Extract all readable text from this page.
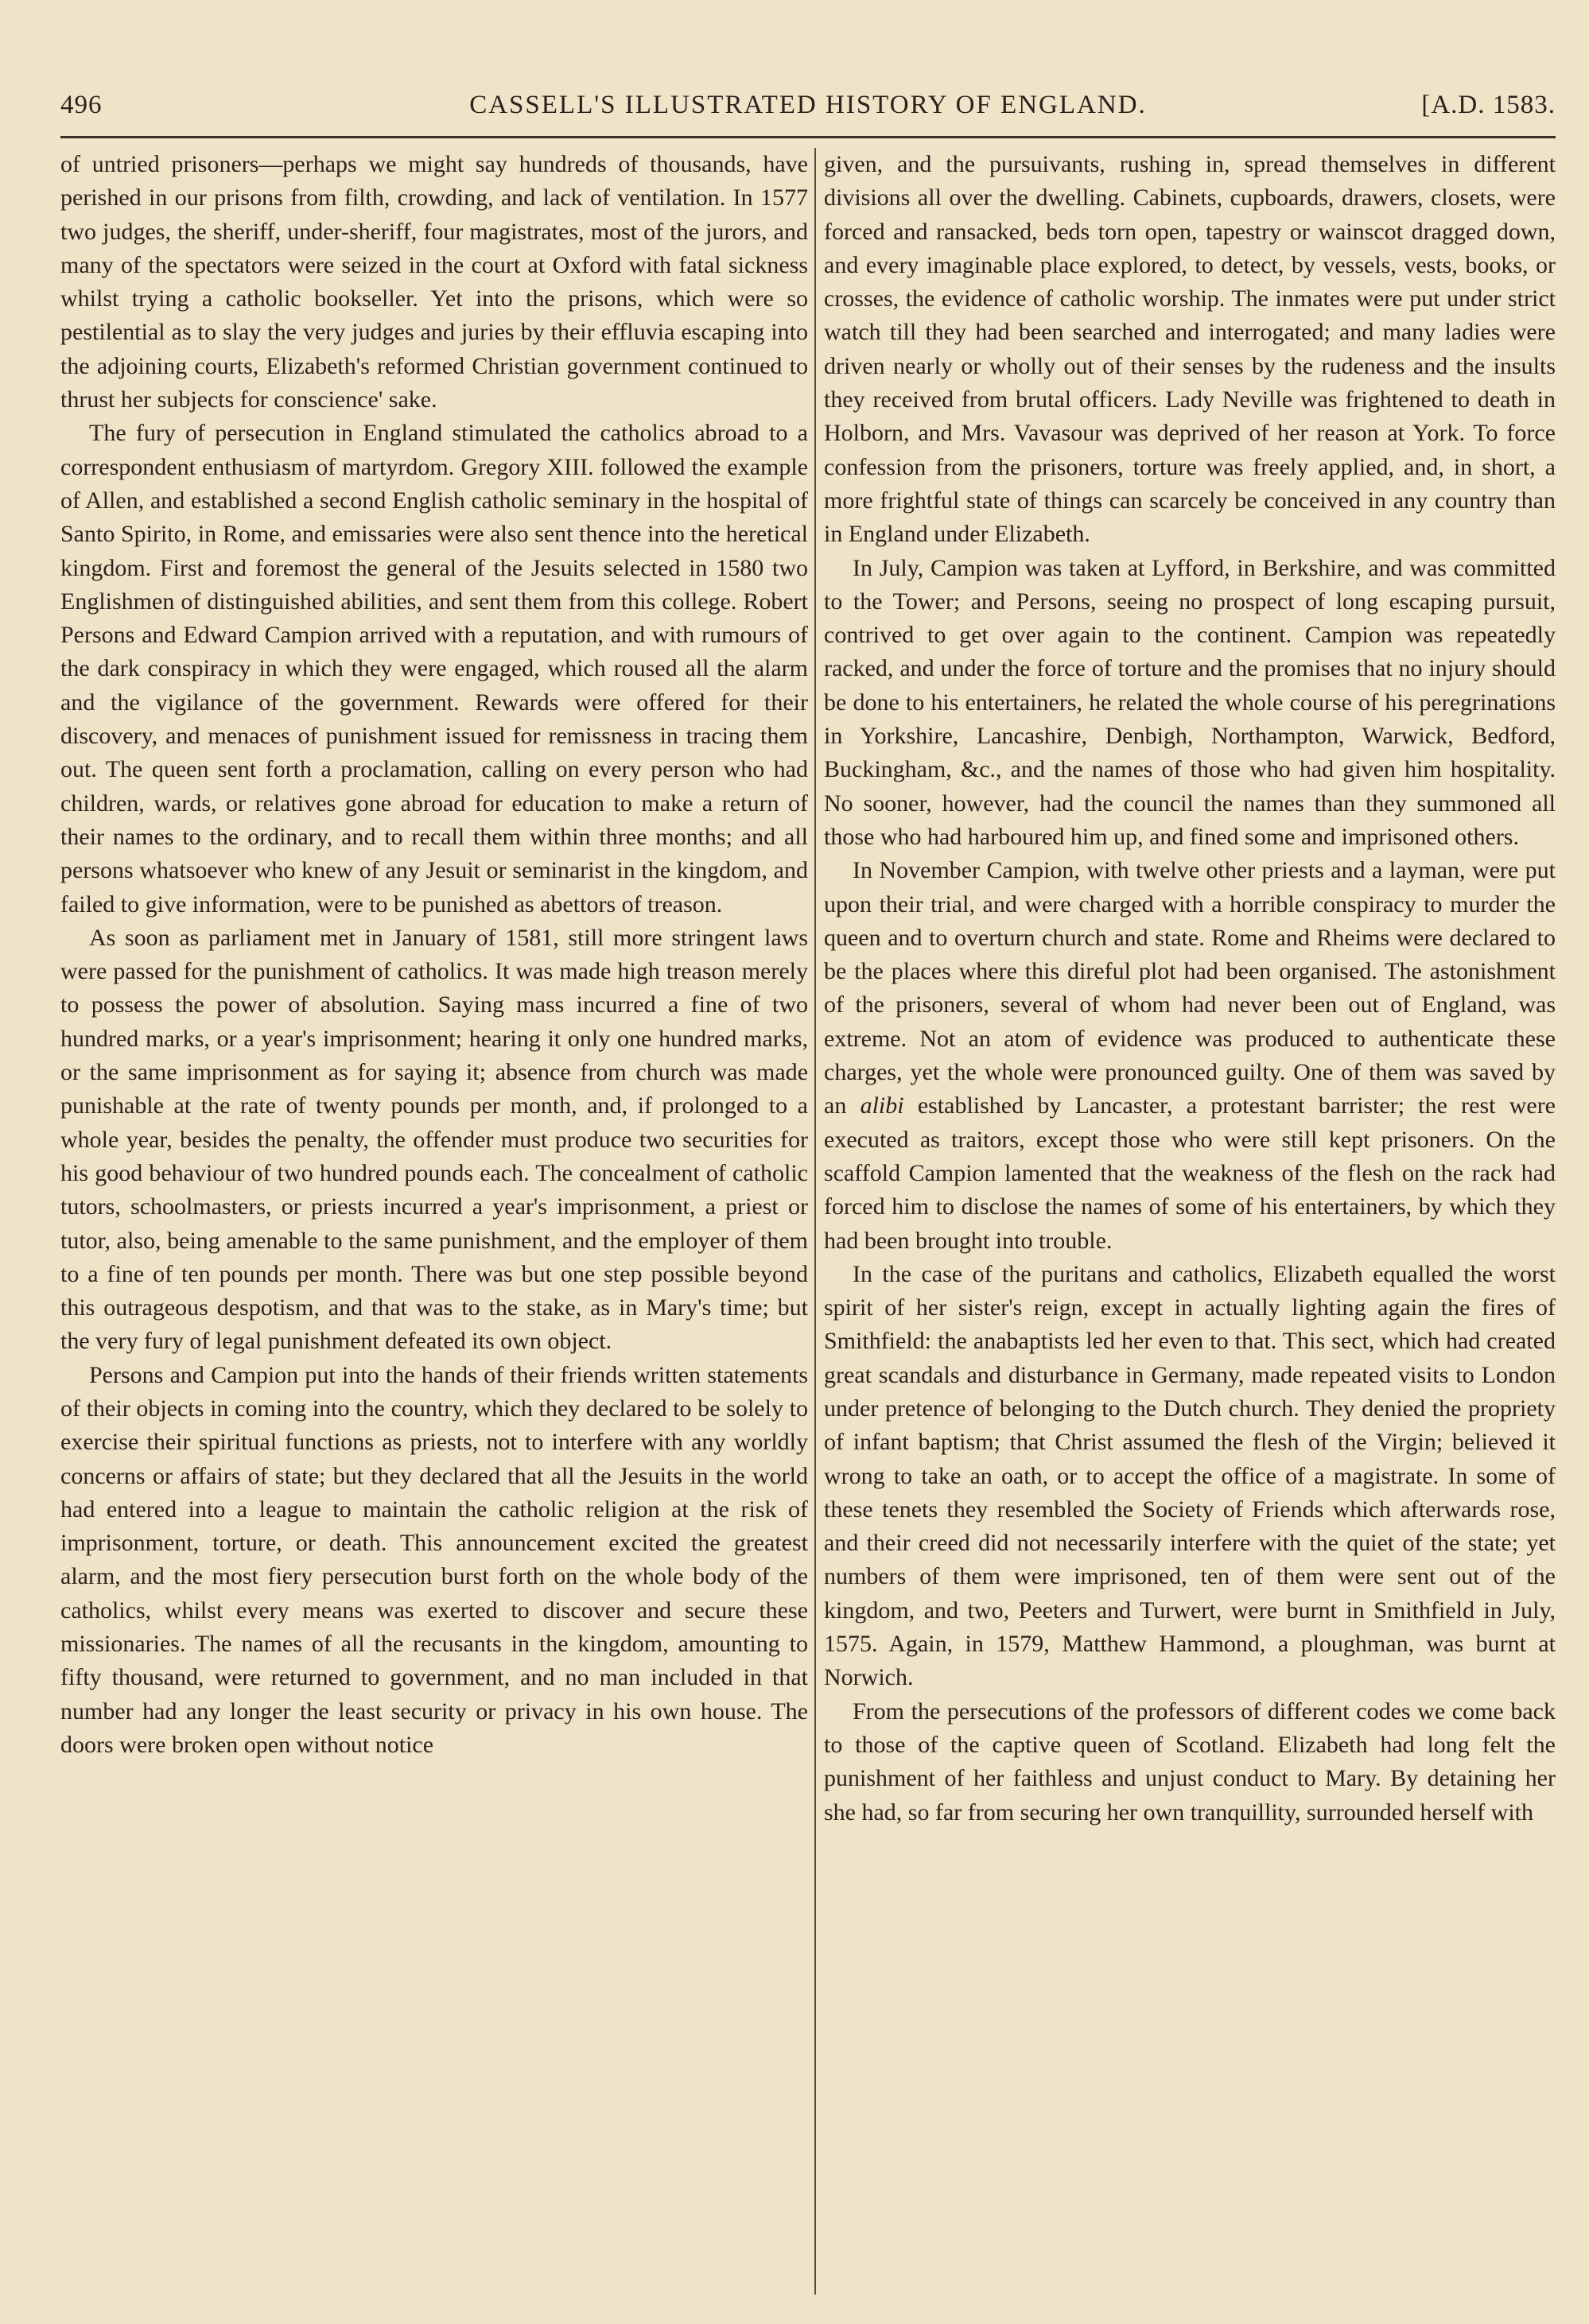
496	CASSELL'S ILLUSTRATED HISTORY OF ENGLAND.	[A.D. 1583.

of untried prisoners—perhaps we might say hundreds of thousands, have perished in our prisons from filth, crowding, and lack of ventilation. In 1577 two judges, the sheriff, under-sheriff, four magistrates, most of the jurors, and many of the spectators were seized in the court at Oxford with fatal sickness whilst trying a catholic bookseller. Yet into the prisons, which were so pestilential as to slay the very judges and juries by their effluvia escaping into the adjoining courts, Elizabeth's reformed Christian government continued to thrust her subjects for conscience' sake.

The fury of persecution in England stimulated the catholics abroad to a correspondent enthusiasm of martyrdom. Gregory XIII. followed the example of Allen, and established a second English catholic seminary in the hospital of Santo Spirito, in Rome, and emissaries were also sent thence into the heretical kingdom. First and foremost the general of the Jesuits selected in 1580 two Englishmen of distinguished abilities, and sent them from this college. Robert Persons and Edward Campion arrived with a reputation, and with rumours of the dark conspiracy in which they were engaged, which roused all the alarm and the vigilance of the government. Rewards were offered for their discovery, and menaces of punishment issued for remissness in tracing them out. The queen sent forth a proclamation, calling on every person who had children, wards, or relatives gone abroad for education to make a return of their names to the ordinary, and to recall them within three months; and all persons whatsoever who knew of any Jesuit or seminarist in the kingdom, and failed to give information, were to be punished as abettors of treason.

As soon as parliament met in January of 1581, still more stringent laws were passed for the punishment of catholics. It was made high treason merely to possess the power of absolution. Saying mass incurred a fine of two hundred marks, or a year's imprisonment; hearing it only one hundred marks, or the same imprisonment as for saying it; absence from church was made punishable at the rate of twenty pounds per month, and, if prolonged to a whole year, besides the penalty, the offender must produce two securities for his good behaviour of two hundred pounds each. The concealment of catholic tutors, schoolmasters, or priests incurred a year's imprisonment, a priest or tutor, also, being amenable to the same punishment, and the employer of them to a fine of ten pounds per month. There was but one step possible beyond this outrageous despotism, and that was to the stake, as in Mary's time; but the very fury of legal punishment defeated its own object.

Persons and Campion put into the hands of their friends written statements of their objects in coming into the country, which they declared to be solely to exercise their spiritual functions as priests, not to interfere with any worldly concerns or affairs of state; but they declared that all the Jesuits in the world had entered into a league to maintain the catholic religion at the risk of imprisonment, torture, or death. This announcement excited the greatest alarm, and the most fiery persecution burst forth on the whole body of the catholics, whilst every means was exerted to discover and secure these missionaries. The names of all the recusants in the kingdom, amounting to fifty thousand, were returned to government, and no man included in that number had any longer the least security or privacy in his own house. The doors were broken open without notice

given, and the pursuivants, rushing in, spread themselves in different divisions all over the dwelling. Cabinets, cupboards, drawers, closets, were forced and ransacked, beds torn open, tapestry or wainscot dragged down, and every imaginable place explored, to detect, by vessels, vests, books, or crosses, the evidence of catholic worship. The inmates were put under strict watch till they had been searched and interrogated; and many ladies were driven nearly or wholly out of their senses by the rudeness and the insults they received from brutal officers. Lady Neville was frightened to death in Holborn, and Mrs. Vavasour was deprived of her reason at York. To force confession from the prisoners, torture was freely applied, and, in short, a more frightful state of things can scarcely be conceived in any country than in England under Elizabeth.

In July, Campion was taken at Lyfford, in Berkshire, and was committed to the Tower; and Persons, seeing no prospect of long escaping pursuit, contrived to get over again to the continent. Campion was repeatedly racked, and under the force of torture and the promises that no injury should be done to his entertainers, he related the whole course of his peregrinations in Yorkshire, Lancashire, Denbigh, Northampton, Warwick, Bedford, Buckingham, &c., and the names of those who had given him hospitality. No sooner, however, had the council the names than they summoned all those who had harboured him up, and fined some and imprisoned others.

In November Campion, with twelve other priests and a layman, were put upon their trial, and were charged with a horrible conspiracy to murder the queen and to overturn church and state. Rome and Rheims were declared to be the places where this direful plot had been organised. The astonishment of the prisoners, several of whom had never been out of England, was extreme. Not an atom of evidence was produced to authenticate these charges, yet the whole were pronounced guilty. One of them was saved by an alibi established by Lancaster, a protestant barrister; the rest were executed as traitors, except those who were still kept prisoners. On the scaffold Campion lamented that the weakness of the flesh on the rack had forced him to disclose the names of some of his entertainers, by which they had been brought into trouble.

In the case of the puritans and catholics, Elizabeth equalled the worst spirit of her sister's reign, except in actually lighting again the fires of Smithfield: the anabaptists led her even to that. This sect, which had created great scandals and disturbance in Germany, made repeated visits to London under pretence of belonging to the Dutch church. They denied the propriety of infant baptism; that Christ assumed the flesh of the Virgin; believed it wrong to take an oath, or to accept the office of a magistrate. In some of these tenets they resembled the Society of Friends which afterwards rose, and their creed did not necessarily interfere with the quiet of the state; yet numbers of them were imprisoned, ten of them were sent out of the kingdom, and two, Peeters and Turwert, were burnt in Smithfield in July, 1575. Again, in 1579, Matthew Hammond, a ploughman, was burnt at Norwich.

From the persecutions of the professors of different codes we come back to those of the captive queen of Scotland. Elizabeth had long felt the punishment of her faithless and unjust conduct to Mary. By detaining her she had, so far from securing her own tranquillity, surrounded herself with
